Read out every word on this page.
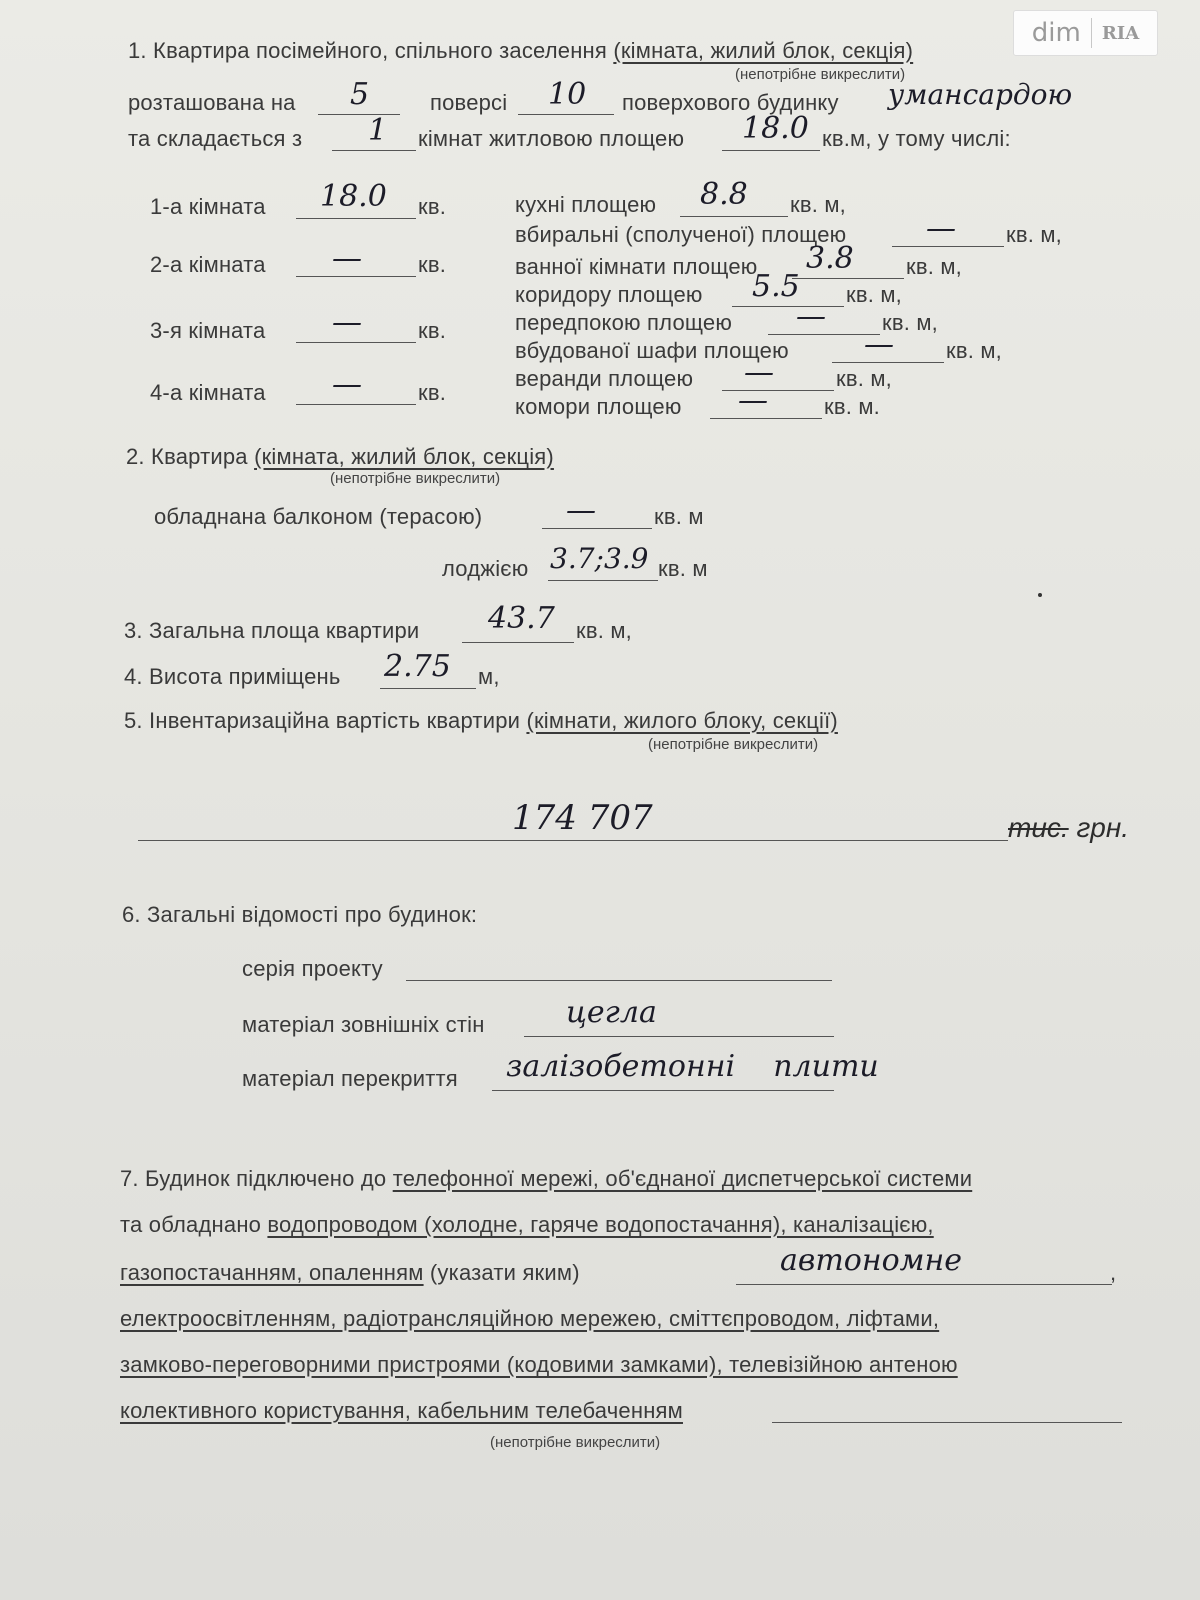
dim RIA
1. Квартира посімейного, спільного заселення (кімната, жилий блок, секція)
(непотрібне викреслити)
розташована на 5	поверсі 10 поверхового будинку умансардою
та складається з 1 кімнат житловою площею 18.0 кв.м, у тому числі:
1-а кімната 18.0 кв.
2-а кімната —	кв.
3-я кімната —	кв.
4-а кімната —	кв.
кухні площею 8.8 кв. м,
вбиральні (сполученої) площею	— кв. м,
ванної кімнати площею 3.8 кв. м,
коридору площею 5.5 кв. м,
передпокою площею —	кв. м,
вбудованої шафи площею	— кв. м,
веранди площею —	кв. м,
комори площею —	кв. м.
2. Квартира (кімната, жилий блок, секція)
(непотрібне викреслити)
обладнана балконом (терасою)	—	кв. м
лоджією 3.7;3.9 кв. м
3. Загальна площа квартири 43.7 кв. м,
4. Висота приміщень 2.75 м,
5. Інвентаризаційна вартість квартири (кімнати, жилого блоку, секції)
(непотрібне викреслити)
174 707	тис. грн.
6. Загальні відомості про будинок:
серія проекту
матеріал зовнішніх стін	цегла
матеріал перекриття залізобетонні    плити
7. Будинок підключено до телефонної мережі, об'єднаної диспетчерської системи
та обладнано водопроводом (холодне, гаряче водопостачання), каналізацією,
газопостачанням, опаленням (указати яким)	автономне	,
електроосвітленням, радіотрансляційною мережею, сміттєпроводом, ліфтами,
замково-переговорними пристроями (кодовими замками), телевізійною антеною
колективного користування, кабельним телебаченням
(непотрібне викреслити)
